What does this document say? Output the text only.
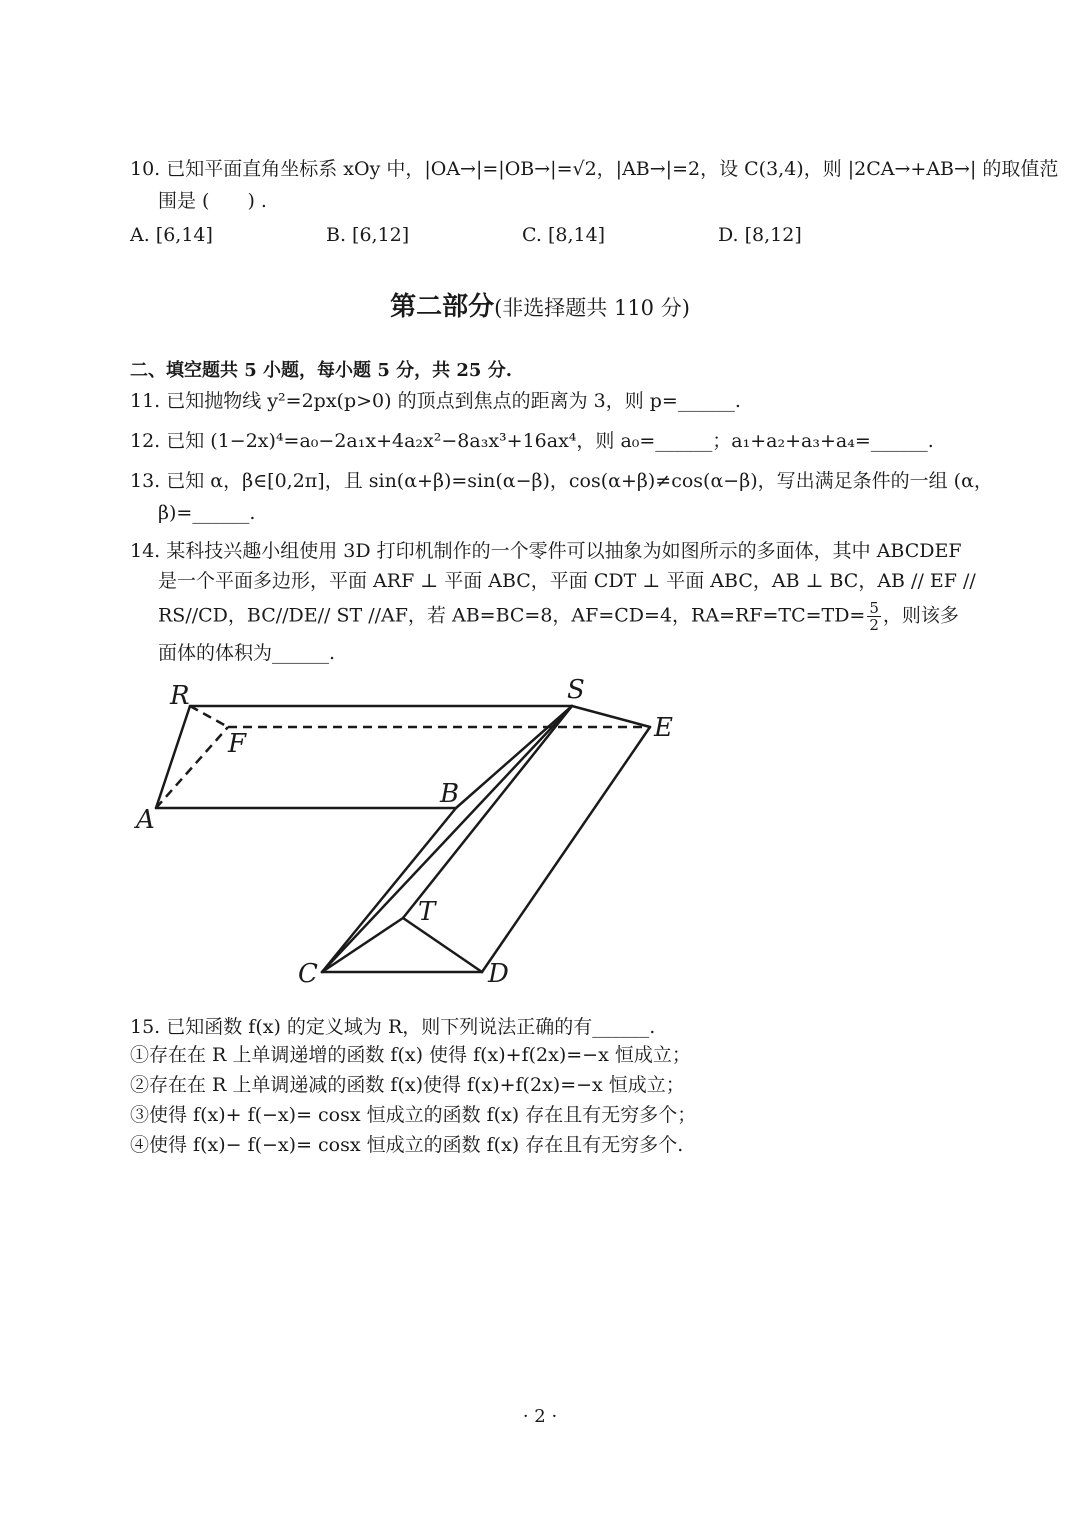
10. 已知平面直角坐标系 xOy 中，|OA→|=|OB→|=√2，|AB→|=2，设 C(3,4)，则 |2CA→+AB→| 的取值范
围是 (　　) .
A. [6,14]	B. [6,12]	C. [8,14]	D. [8,12]
第二部分(非选择题共 110 分)
二、填空题共 5 小题，每小题 5 分，共 25 分.
11. 已知抛物线 y²=2px(p>0) 的顶点到焦点的距离为 3，则 p=______.
12. 已知 (1−2x)⁴=a₀−2a₁x+4a₂x²−8a₃x³+16ax⁴，则 a₀=______；a₁+a₂+a₃+a₄=______.
13. 已知 α，β∈[0,2π]，且 sin(α+β)=sin(α−β)，cos(α+β)≠cos(α−β)，写出满足条件的一组 (α，
β)=______.
14. 某科技兴趣小组使用 3D 打印机制作的一个零件可以抽象为如图所示的多面体，其中 ABCDEF
是一个平面多边形，平面 ARF ⊥ 平面 ABC，平面 CDT ⊥ 平面 ABC，AB ⊥ BC，AB // EF //
RS//CD，BC//DE// ST //AF，若 AB=BC=8，AF=CD=4，$RA=RF=TC=TD= \frac{5}{2}$ ，则该多
面体的体积为______.
R
F
A
B
S
E
T
C	D
15. 已知函数 f(x) 的定义域为 R，则下列说法正确的有______.
①存在在 R 上单调递增的函数 f(x) 使得 f(x)+f(2x)=−x 恒成立；
②存在在 R 上单调递减的函数 f(x)使得 f(x)+f(2x)=−x 恒成立；
③使得 f(x)+ f(−x)= cosx 恒成立的函数 f(x) 存在且有无穷多个；
④使得 f(x)− f(−x)= cosx 恒成立的函数 f(x) 存在且有无穷多个.
· 2 ·
